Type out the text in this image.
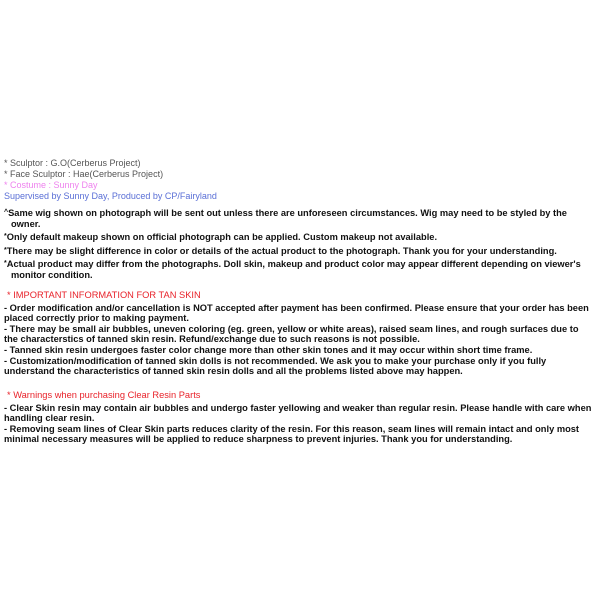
* Sculptor : G.O(Cerberus Project)
* Face Sculptor : Hae(Cerberus Project)
* Costume : Sunny Day
Supervised by Sunny Day, Produced by CP/Fairyland
^Same wig shown on photograph will be sent out unless there are unforeseen circumstances. Wig may need to be styled by the owner.
*Only default makeup shown on official photograph can be applied. Custom makeup not available.
*There may be slight difference in color or details of the actual product to the photograph. Thank you for your understanding.
*Actual product may differ from the photographs. Doll skin, makeup and product color may appear different depending on viewer's monitor condition.
* IMPORTANT INFORMATION FOR TAN SKIN
- Order modification and/or cancellation is NOT accepted after payment has been confirmed. Please ensure that your order has been placed correctly prior to making payment.
- There may be small air bubbles, uneven coloring (eg. green, yellow or white areas), raised seam lines, and rough surfaces due to the characterstics of tanned skin resin. Refund/exchange due to such reasons is not possible.
- Tanned skin resin undergoes faster color change more than other skin tones and it may occur within short time frame.
- Customization/modification of tanned skin dolls is not recommended. We ask you to make your purchase only if you fully understand the characteristics of tanned skin resin dolls and all the problems listed above may happen.
* Warnings when purchasing Clear Resin Parts
- Clear Skin resin may contain air bubbles and undergo faster yellowing and weaker than regular resin. Please handle with care when handling clear resin.
- Removing seam lines of Clear Skin parts reduces clarity of the resin. For this reason, seam lines will remain intact and only most minimal necessary measures will be applied to reduce sharpness to prevent injuries. Thank you for understanding.
